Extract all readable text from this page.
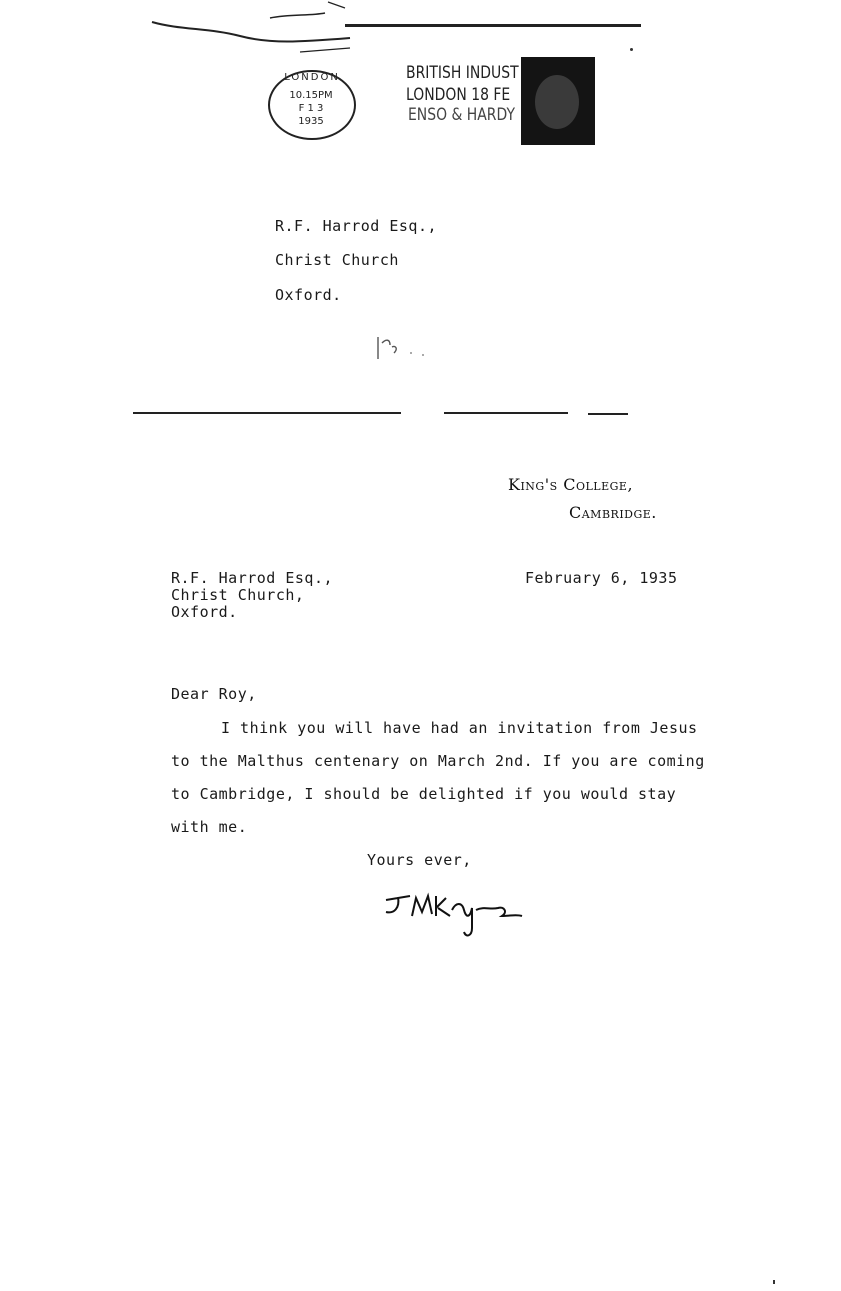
LONDON
10.15PM
F 1 3
1935
BRITISH INDUST
LONDON 18 FE
ENSO & HARDY
R.F. Harrod Esq.,
Christ Church
Oxford.
King's College,
Cambridge.
R.F. Harrod Esq.,
Christ Church,
Oxford.
February 6, 1935
Dear Roy,
I think you will have had an invitation from Jesus
to the Malthus centenary on March 2nd. If you are coming
to Cambridge, I should be delighted if you would stay
with me.
Yours ever,
